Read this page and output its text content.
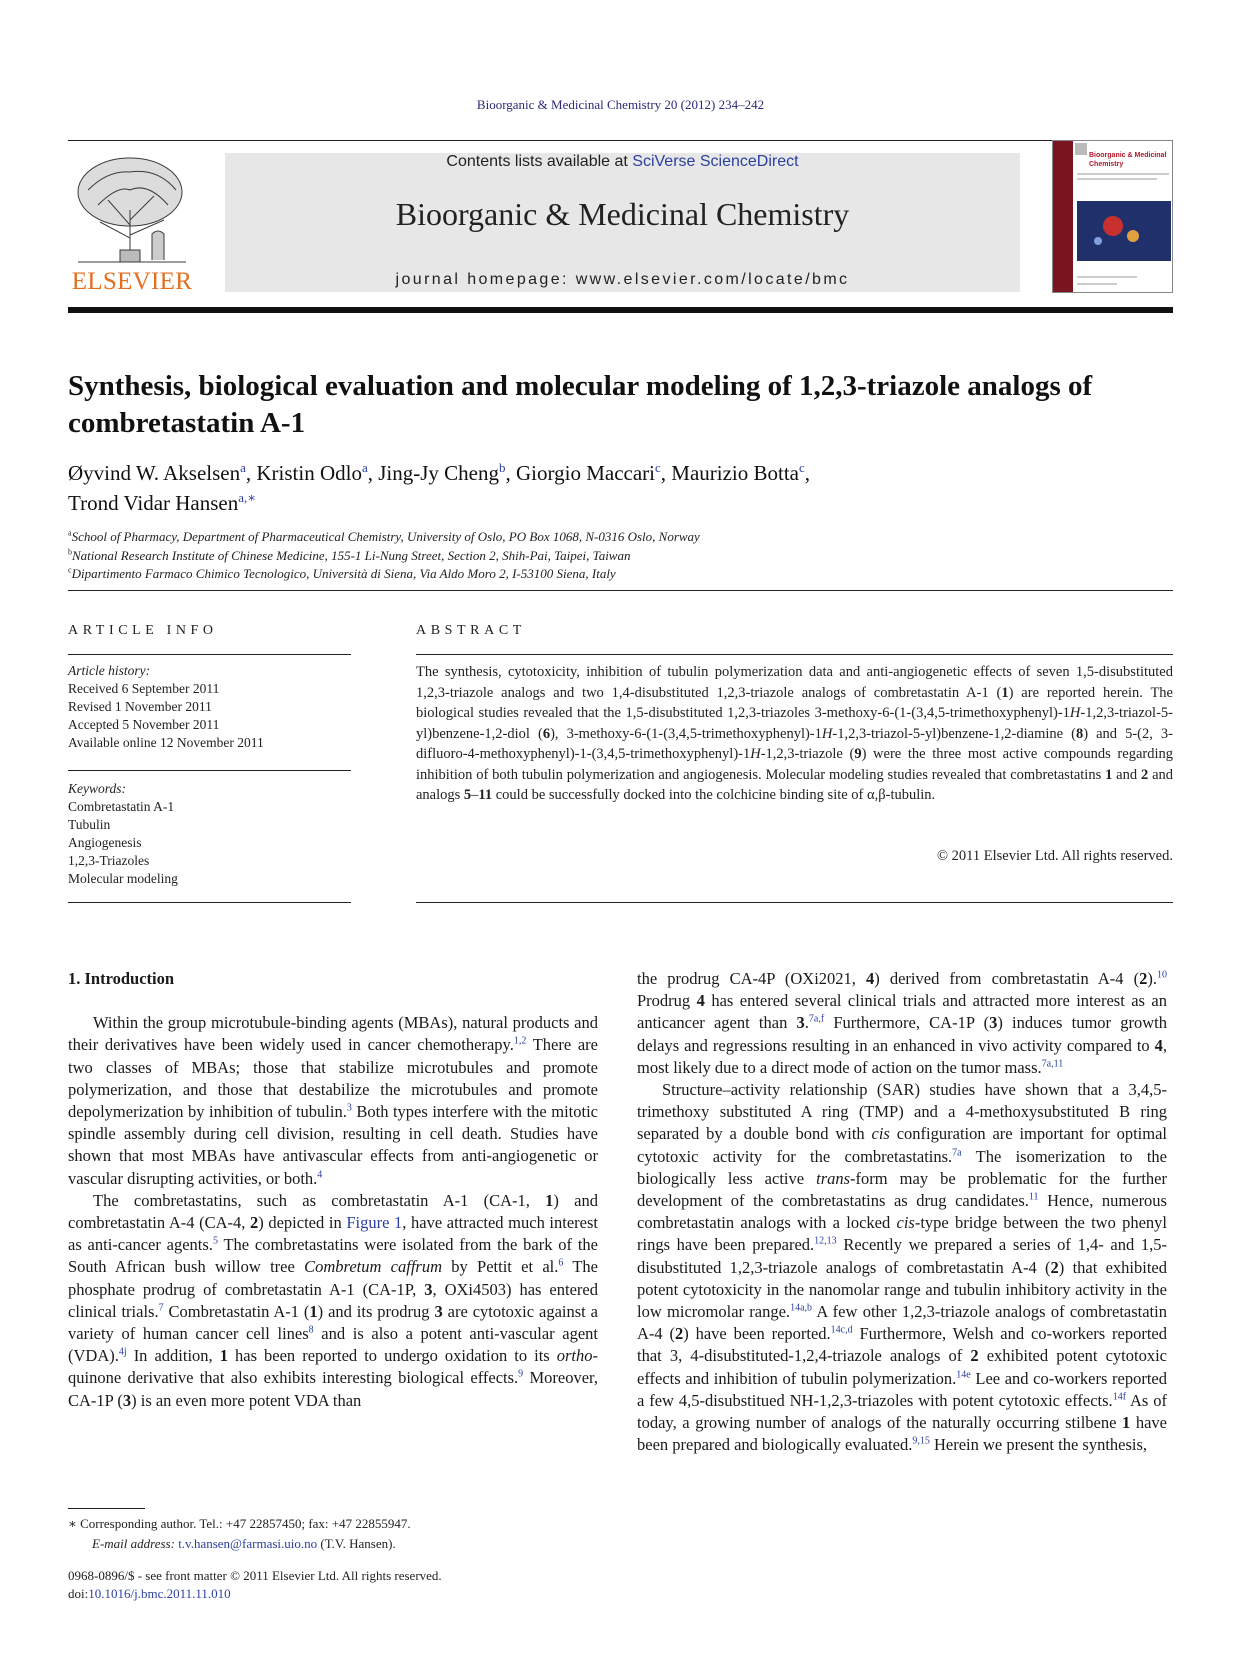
Bioorganic & Medicinal Chemistry 20 (2012) 234–242
ELSEVIER
Contents lists available at SciVerse ScienceDirect
Bioorganic & Medicinal Chemistry
journal homepage: www.elsevier.com/locate/bmc
Bioorganic & Medicinal
Chemistry
Synthesis, biological evaluation and molecular modeling of 1,2,3-triazole analogs of combretastatin A-1
Øyvind W. Akselsen$^a$, Kristin Odlo$^a$, Jing-Jy Cheng$^b$, Giorgio Maccari$^c$, Maurizio Botta$^c$,
Trond Vidar Hansen$^{a,∗}$
$^a$School of Pharmacy, Department of Pharmaceutical Chemistry, University of Oslo, PO Box 1068, N-0316 Oslo, Norway
$^b$National Research Institute of Chinese Medicine, 155-1 Li-Nung Street, Section 2, Shih-Pai, Taipei, Taiwan
$^c$Dipartimento Farmaco Chimico Tecnologico, Università di Siena, Via Aldo Moro 2, I-53100 Siena, Italy
ARTICLE INFO	ABSTRACT
Article history:
Received 6 September 2011
Revised 1 November 2011
Accepted 5 November 2011
Available online 12 November 2011
Keywords:
Combretastatin A-1
Tubulin
Angiogenesis
1,2,3-Triazoles
Molecular modeling
The synthesis, cytotoxicity, inhibition of tubulin polymerization data and anti-angiogenetic effects of seven 1,5-disubstituted 1,2,3-triazole analogs and two 1,4-disubstituted 1,2,3-triazole analogs of combretastatin A-1 (1) are reported herein. The biological studies revealed that the 1,5-disubstituted 1,2,3-triazoles 3-methoxy-6-(1-(3,4,5-trimethoxyphenyl)-1H-1,2,3-triazol-5-yl)benzene-1,2-diol (6), 3-methoxy-6-(1-(3,4,5-trimethoxyphenyl)-1H-1,2,3-triazol-5-yl)benzene-1,2-diamine (8) and 5-(2, 3-difluoro-4-methoxyphenyl)-1-(3,4,5-trimethoxyphenyl)-1H-1,2,3-triazole (9) were the three most active compounds regarding inhibition of both tubulin polymerization and angiogenesis. Molecular modeling studies revealed that combretastatins 1 and 2 and analogs 5–11 could be successfully docked into the colchicine binding site of α,β-tubulin.
© 2011 Elsevier Ltd. All rights reserved.
1. Introduction

Within the group microtubule-binding agents (MBAs), natural products and their derivatives have been widely used in cancer chemotherapy.$^{1,2}$ There are two classes of MBAs; those that stabilize microtubules and promote polymerization, and those that destabilize the microtubules and promote depolymerization by inhibition of tubulin.$^3$ Both types interfere with the mitotic spindle assembly during cell division, resulting in cell death. Studies have shown that most MBAs have antivascular effects from anti-angiogenetic or vascular disrupting activities, or both.$^4$

The combretastatins, such as combretastatin A-1 (CA-1, 1) and combretastatin A-4 (CA-4, 2) depicted in Figure 1, have attracted much interest as anti-cancer agents.$^5$ The combretastatins were isolated from the bark of the South African bush willow tree Combretum caffrum by Pettit et al.$^6$ The phosphate prodrug of combretastatin A-1 (CA-1P, 3, OXi4503) has entered clinical trials.$^7$ Combretastatin A-1 (1) and its prodrug 3 are cytotoxic against a variety of human cancer cell lines$^8$ and is also a potent anti-vascular agent (VDA).$^{4j}$ In addition, 1 has been reported to undergo oxidation to its ortho-quinone derivative that also exhibits interesting biological effects.$^9$ Moreover, CA-1P (3) is an even more potent VDA than

the prodrug CA-4P (OXi2021, 4) derived from combretastatin A-4 (2).$^{10}$ Prodrug 4 has entered several clinical trials and attracted more interest as an anticancer agent than 3.$^{7a,f}$ Furthermore, CA-1P (3) induces tumor growth delays and regressions resulting in an enhanced in vivo activity compared to 4, most likely due to a direct mode of action on the tumor mass.$^{7a,11}$

Structure–activity relationship (SAR) studies have shown that a 3,4,5-trimethoxy substituted A ring (TMP) and a 4-methoxysubstituted B ring separated by a double bond with cis configuration are important for optimal cytotoxic activity for the combretastatins.$^{7a}$ The isomerization to the biologically less active trans-form may be problematic for the further development of the combretastatins as drug candidates.$^{11}$ Hence, numerous combretastatin analogs with a locked cis-type bridge between the two phenyl rings have been prepared.$^{12,13}$ Recently we prepared a series of 1,4- and 1,5-disubstituted 1,2,3-triazole analogs of combretastatin A-4 (2) that exhibited potent cytotoxicity in the nanomolar range and tubulin inhibitory activity in the low micromolar range.$^{14a,b}$ A few other 1,2,3-triazole analogs of combretastatin A-4 (2) have been reported.$^{14c,d}$ Furthermore, Welsh and co-workers reported that 3, 4-disubstituted-1,2,4-triazole analogs of 2 exhibited potent cytotoxic effects and inhibition of tubulin polymerization.$^{14e}$ Lee and co-workers reported a few 4,5-disubstitued NH-1,2,3-triazoles with potent cytotoxic effects.$^{14f}$ As of today, a growing number of analogs of the naturally occurring stilbene 1 have been prepared and biologically evaluated.$^{9,15}$ Herein we present the synthesis,

∗ Corresponding author. Tel.: +47 22857450; fax: +47 22855947.
E-mail address: t.v.hansen@farmasi.uio.no (T.V. Hansen).
0968-0896/$ - see front matter © 2011 Elsevier Ltd. All rights reserved.
doi:10.1016/j.bmc.2011.11.010
